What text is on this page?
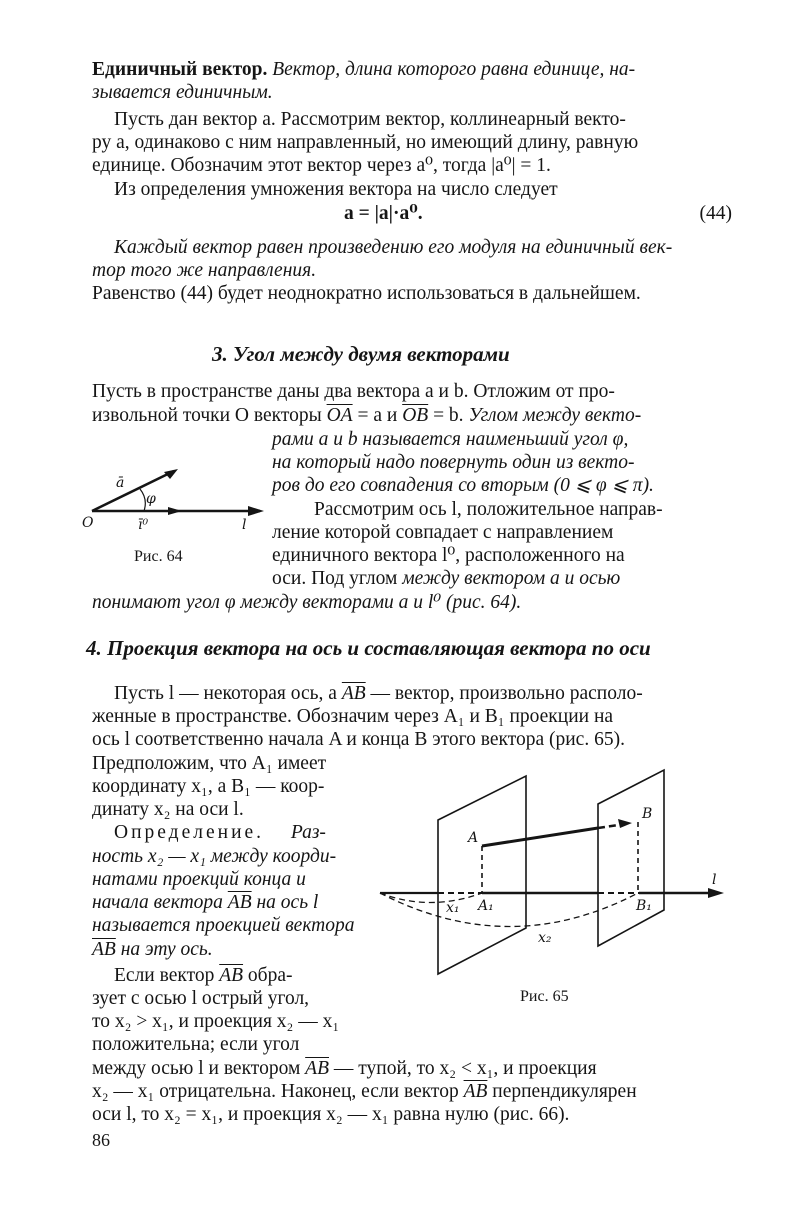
Единичный вектор. Вектор, длина которого равна единице, на-
зывается единичным.
Пусть дан вектор a. Рассмотрим вектор, коллинеарный векто-
ру a, одинаково с ним направленный, но имеющий длину, равную
единице. Обозначим этот вектор через a⁰, тогда |a⁰| = 1.
Из определения умножения вектора на число следует
a = |a|·a⁰.	(44)
Каждый вектор равен произведению его модуля на единичный век-
тор того же направления.
Равенство (44) будет неоднократно использоваться в дальнейшем.
3. Угол между двумя векторами
Пусть в пространстве даны два вектора a и b. Отложим от про-
извольной точки O векторы $\overline{OA} = a$ и $\overline{OB} = b$. Углом между векто-
рами a и b называется наименьший угол φ,
на который надо повернуть один из векто-
ров до его совпадения со вторым (0 ⩽ φ ⩽ π).
Рассмотрим ось l, положительное направ-
ление которой совпадает с направлением
единичного вектора l⁰, расположенного на
оси. Под углом между вектором a и осью
понимают угол φ между векторами a и l⁰ (рис. 64).
ā
φ
O	ī⁰	l
Рис. 64
4. Проекция вектора на ось и составляющая вектора по оси
Пусть l — некоторая ось, а $\overline{AB}$ — вектор, произвольно располо-
женные в пространстве. Обозначим через A₁ и B₁ проекции на
ось l соответственно начала A и конца B этого вектора (рис. 65).
Предположим, что A₁ имеет
координату x₁, а B₁ — коор-
динату x₂ на оси l.
Определение. Раз-
ность x₂ — x₁ между коорди-
натами проекций конца и
начала вектора $\overline{AB}$ на ось l
называется проекцией вектора
$\overline{AB}$ на эту ось.
Если вектор $\overline{AB}$ обра-
зует с осью l острый угол,
то x₂ > x₁, и проекция x₂ — x₁
положительна; если угол
между осью l и вектором $\overline{AB}$ — тупой, то x₂ < x₁, и проекция
x₂ — x₁ отрицательна. Наконец, если вектор $\overline{AB}$ перпендикулярен
оси l, то x₂ = x₁, и проекция x₂ — x₁ равна нулю (рис. 66).
A
B
A₁	B₁
x₁
x₂
l
Рис. 65
86
